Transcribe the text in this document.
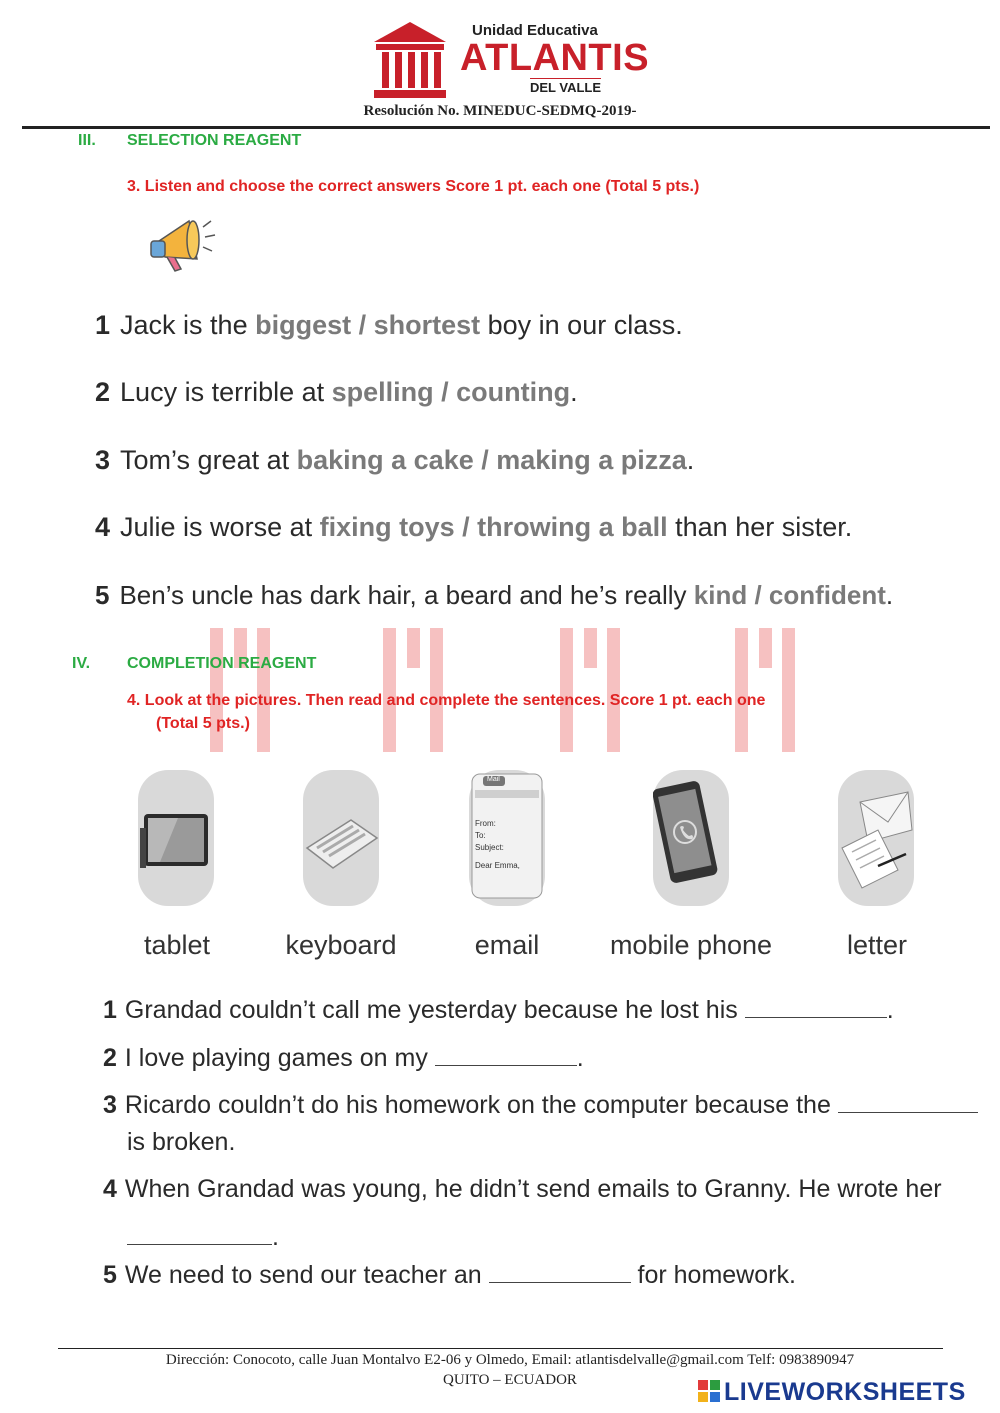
Unidad Educativa
ATLANTIS
DEL VALLE
Resolución No. MINEDUC-SEDMQ-2019-
III. SELECTION REAGENT
3. Listen and choose the correct answers Score 1 pt. each one (Total 5 pts.)
1 Jack is the biggest / shortest boy in our class.
2 Lucy is terrible at spelling / counting.
3 Tom’s great at baking a cake / making a pizza.
4 Julie is worse at fixing toys / throwing a ball than her sister.
5 Ben’s uncle has dark hair, a beard and he’s really kind / confident.
IV. COMPLETION REAGENT
4. Look at the pictures. Then read and complete the sentences. Score 1 pt. each one
(Total 5 pts.)
Mail
From:
To:
Subject:
Dear Emma,
tablet	keyboard	email	mobile phone	letter
1 Grandad couldn’t call me yesterday because he lost his	.
2 I love playing games on my	.
3 Ricardo couldn’t do his homework on the computer because the
is broken.
4 When Grandad was young, he didn’t send emails to Granny. He wrote her
.
5 We need to send our teacher an	for homework.
Dirección: Conocoto, calle Juan Montalvo E2-06 y Olmedo, Email: atlantisdelvalle@gmail.com Telf: 0983890947
QUITO – ECUADOR	LIVEWORKSHEETS
